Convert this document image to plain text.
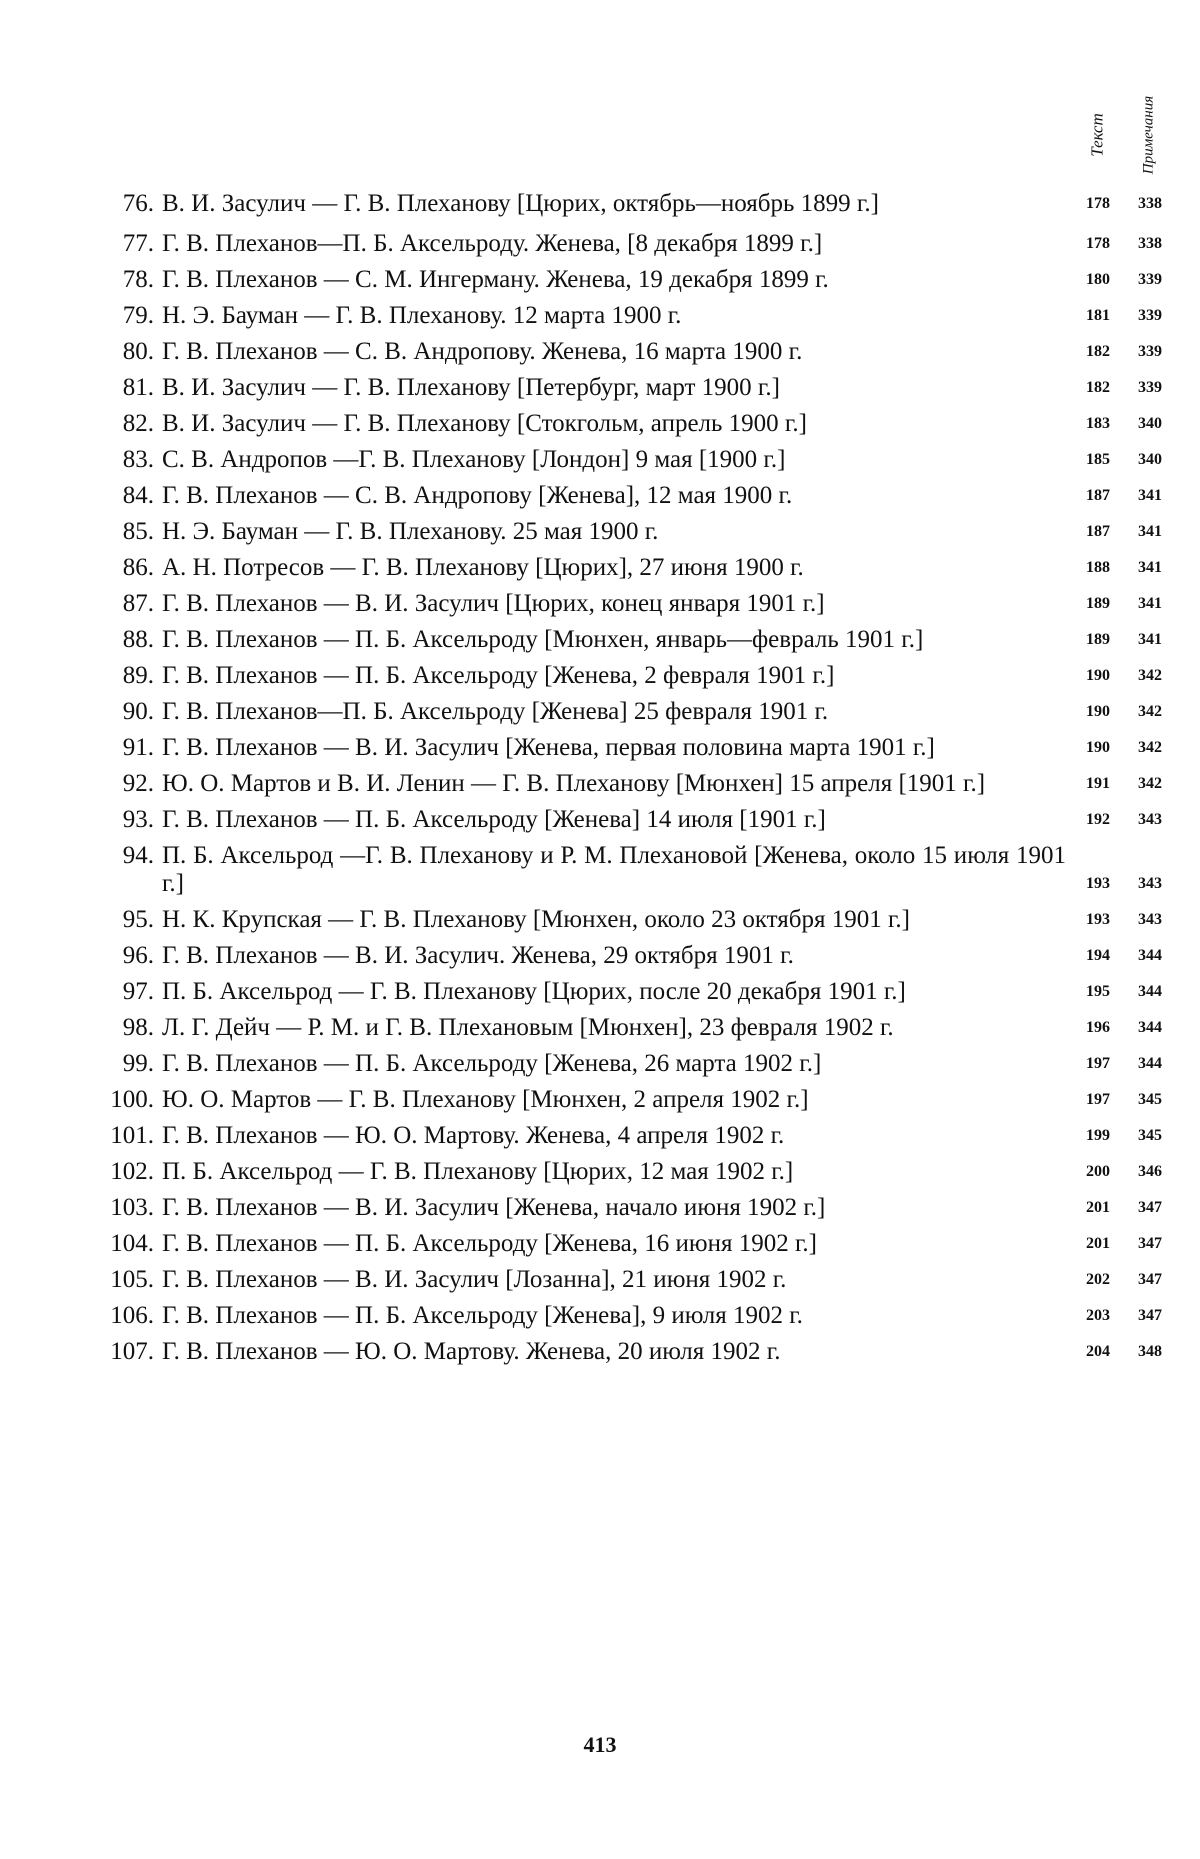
Текст Примечания
76. В. И. Засулич — Г. В. Плеханову [Цюрих, октябрь—ноябрь 1899 г.]	178	338
77. Г. В. Плеханов—П. Б. Аксельроду. Женева, [8 декабря 1899 г.]	178	338
78. Г. В. Плеханов — С. М. Ингерману. Женева, 19 декабря 1899 г.	180	339
79. Н. Э. Бауман — Г. В. Плеханову. 12 марта 1900 г.	181	339
80. Г. В. Плеханов — С. В. Андропову. Женева, 16 марта 1900 г.	182	339
81. В. И. Засулич — Г. В. Плеханову [Петербург, март 1900 г.]	182	339
82. В. И. Засулич — Г. В. Плеханову [Стокгольм, апрель 1900 г.]	183	340
83. С. В. Андропов —Г. В. Плеханову [Лондон] 9 мая [1900 г.]	185	340
84. Г. В. Плеханов — С. В. Андропову [Женева], 12 мая 1900 г.	187	341
85. Н. Э. Бауман — Г. В. Плеханову. 25 мая 1900 г.	187	341
86. А. Н. Потресов — Г. В. Плеханову [Цюрих], 27 июня 1900 г.	188	341
87. Г. В. Плеханов — В. И. Засулич [Цюрих, конец января 1901 г.]	189	341
88. Г. В. Плеханов — П. Б. Аксельроду [Мюнхен, январь—февраль 1901 г.]	189	341
89. Г. В. Плеханов — П. Б. Аксельроду [Женева, 2 февраля 1901 г.]	190	342
90. Г. В. Плеханов—П. Б. Аксельроду [Женева] 25 февраля 1901 г.	190	342
91. Г. В. Плеханов — В. И. Засулич [Женева, первая половина марта 1901 г.]	190	342
92. Ю. О. Мартов и В. И. Ленин — Г. В. Плеханову [Мюнхен] 15 апреля [1901 г.]	191	342
93. Г. В. Плеханов — П. Б. Аксельроду [Женева] 14 июля [1901 г.]	192	343
94. П. Б. Аксельрод —Г. В. Плеханову и Р. М. Плехановой [Женева, около 15 июля 1901 г.]	193	343
95. Н. К. Крупская — Г. В. Плеханову [Мюнхен, около 23 октября 1901 г.]	193	343
96. Г. В. Плеханов — В. И. Засулич. Женева, 29 октября 1901 г.	194	344
97. П. Б. Аксельрод — Г. В. Плеханову [Цюрих, после 20 декабря 1901 г.]	195	344
98. Л. Г. Дейч — Р. М. и Г. В. Плехановым [Мюнхен], 23 февраля 1902 г.	196	344
99. Г. В. Плеханов — П. Б. Аксельроду [Женева, 26 марта 1902 г.]	197	344
100. Ю. О. Мартов — Г. В. Плеханову [Мюнхен, 2 апреля 1902 г.]	197	345
101. Г. В. Плеханов — Ю. О. Мартову. Женева, 4 апреля 1902 г.	199	345
102. П. Б. Аксельрод — Г. В. Плеханову [Цюрих, 12 мая 1902 г.]	200	346
103. Г. В. Плеханов — В. И. Засулич [Женева, начало июня 1902 г.]	201	347
104. Г. В. Плеханов — П. Б. Аксельроду [Женева, 16 июня 1902 г.]	201	347
105. Г. В. Плеханов — В. И. Засулич [Лозанна], 21 июня 1902 г.	202	347
106. Г. В. Плеханов — П. Б. Аксельроду [Женева], 9 июля 1902 г.	203	347
107. Г. В. Плеханов — Ю. О. Мартову. Женева, 20 июля 1902 г.	204	348
413
